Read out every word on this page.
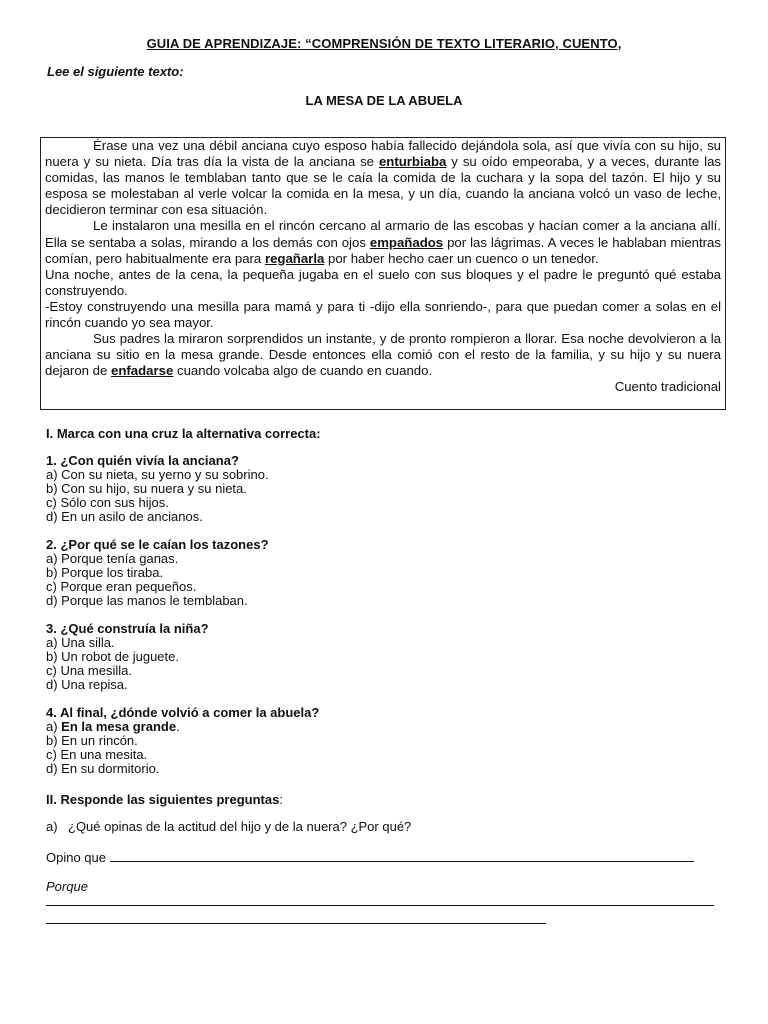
GUIA DE APRENDIZAJE: “COMPRENSIÓN DE TEXTO LITERARIO, CUENTO,
Lee el siguiente texto:
LA MESA DE LA ABUELA

Érase una vez una débil anciana cuyo esposo había fallecido dejándola sola, así que vivía con su hijo, su nuera y su nieta. Día tras día la vista de la anciana se enturbiaba y su oído empeoraba, y a veces, durante las comidas, las manos le temblaban tanto que se le caía la comida de la cuchara y la sopa del tazón. El hijo y su esposa se molestaban al verle volcar la comida en la mesa, y un día, cuando la anciana volcó un vaso de leche, decidieron terminar con esa situación.

Le instalaron una mesilla en el rincón cercano al armario de las escobas y hacían comer a la anciana allí. Ella se sentaba a solas, mirando a los demás con ojos empañados por las lágrimas. A veces le hablaban mientras comían, pero habitualmente era para regañarla por haber hecho caer un cuenco o un tenedor.

Una noche, antes de la cena, la pequeña jugaba en el suelo con sus bloques y el padre le preguntó qué estaba construyendo.

-Estoy construyendo una mesilla para mamá y para ti -dijo ella sonriendo-, para que puedan comer a solas en el rincón cuando yo sea mayor.

Sus padres la miraron sorprendidos un instante, y de pronto rompieron a llorar. Esa noche devolvieron a la anciana su sitio en la mesa grande. Desde entonces ella comió con el resto de la familia, y su hijo y su nuera dejaron de enfadarse cuando volcaba algo de cuando en cuando.

Cuento tradicional

I. Marca con una cruz la alternativa correcta:
1. ¿Con quién vivía la anciana?
a) Con su nieta, su yerno y su sobrino.
b) Con su hijo, su nuera y su nieta.
c) Sólo con sus hijos.
d) En un asilo de ancianos.
2. ¿Por qué se le caían los tazones?
a) Porque tenía ganas.
b) Porque los tiraba.
c) Porque eran pequeños.
d) Porque las manos le temblaban.
3. ¿Qué construía la niña?
a) Una silla.
b) Un robot de juguete.
c) Una mesilla.
d) Una repisa.
4. Al final, ¿dónde volvió a comer la abuela?
a) En la mesa grande.
b) En un rincón.
c) En una mesita.
d) En su dormitorio.
II. Responde las siguientes preguntas:
a) ¿Qué opinas de la actitud del hijo y de la nuera? ¿Por qué?
Opino que
Porque
